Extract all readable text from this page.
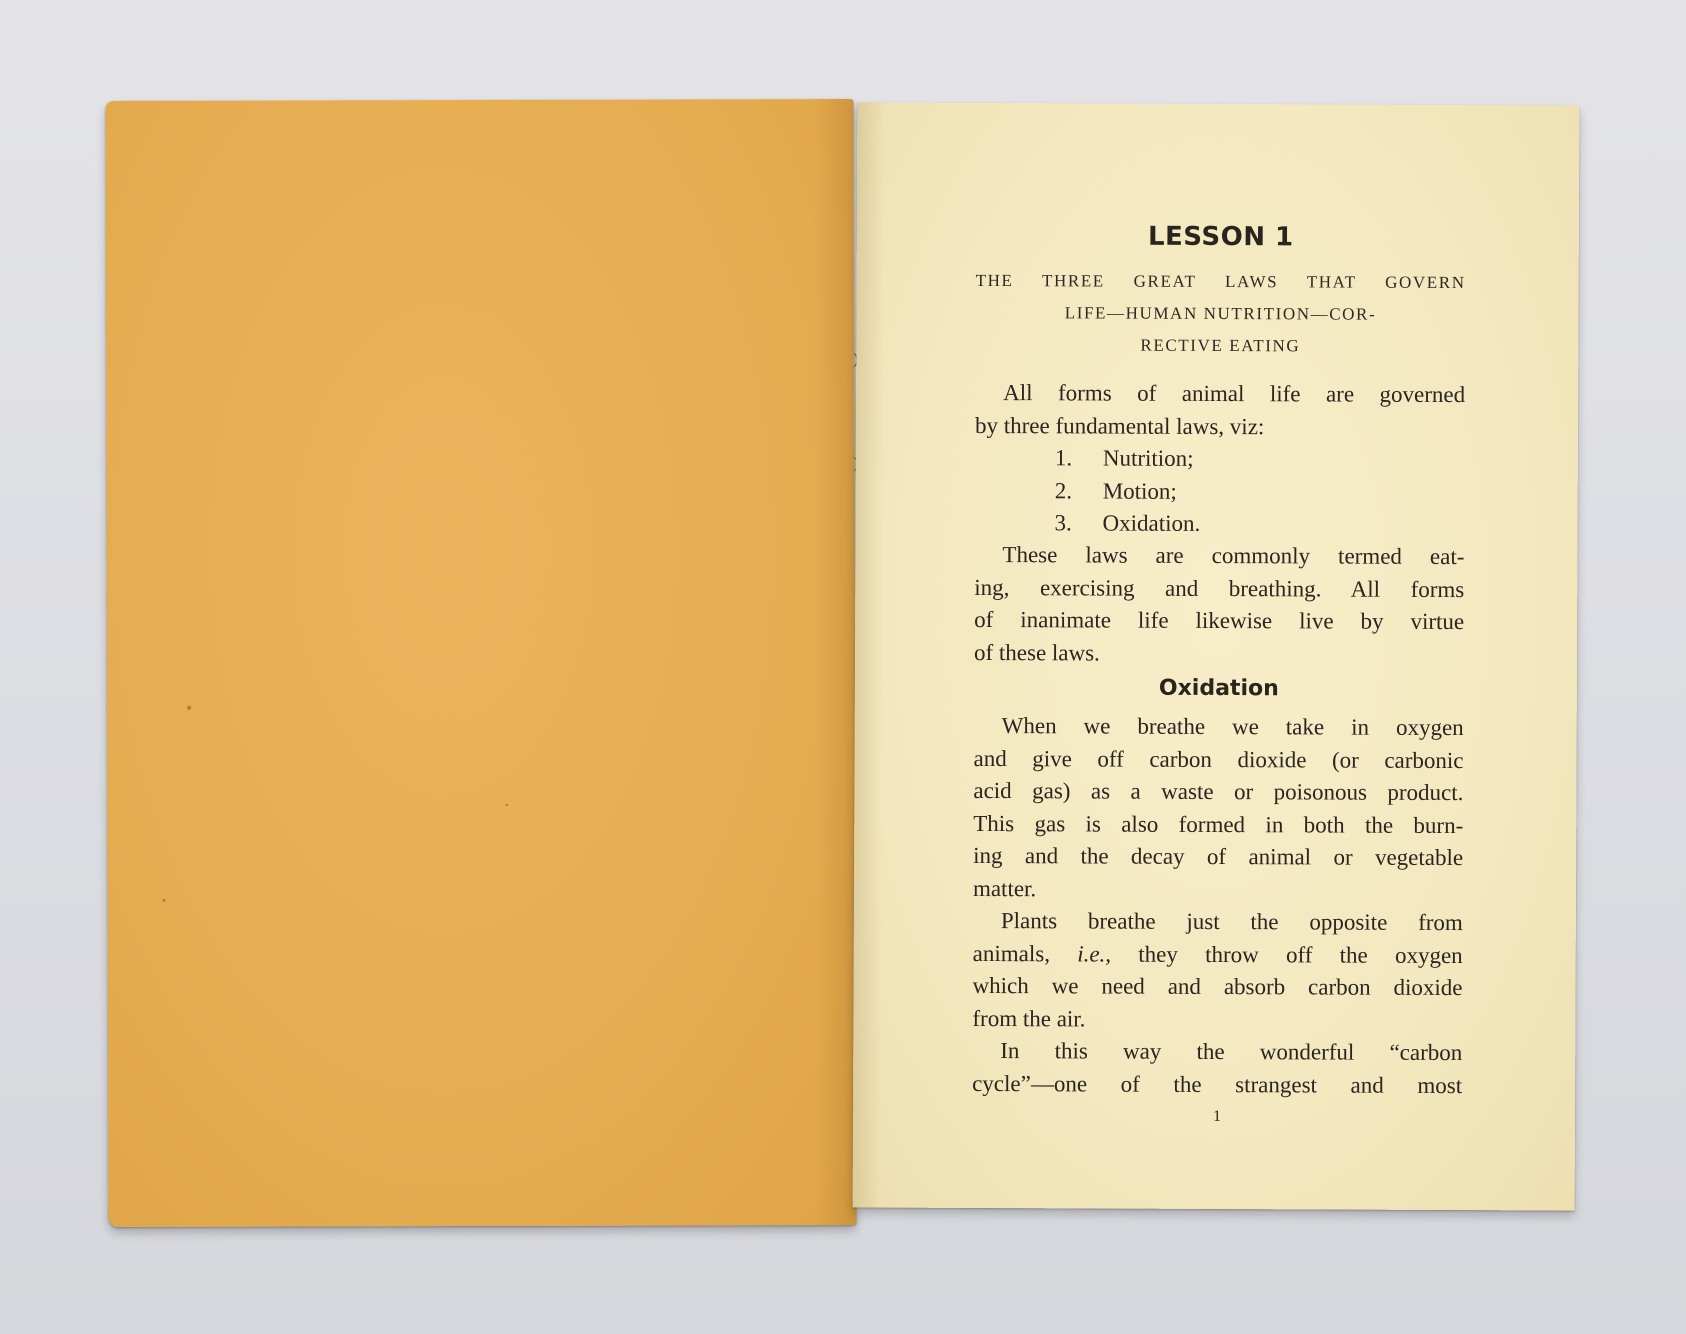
LESSON 1
THE THREE GREAT LAWS THAT GOVERN
LIFE—HUMAN NUTRITION—COR-
RECTIVE EATING

All forms of animal life are governed
by three fundamental laws, viz:

1.	Nutrition;
2.	Motion;
3.	Oxidation.

These laws are commonly termed eat-
ing, exercising and breathing. All forms
of inanimate life likewise live by virtue
of these laws.

Oxidation

When we breathe we take in oxygen
and give off carbon dioxide (or carbonic
acid gas) as a waste or poisonous product.
This gas is also formed in both the burn-
ing and the decay of animal or vegetable
matter.

Plants breathe just the opposite from
animals, i.e., they throw off the oxygen
which we need and absorb carbon dioxide
from the air.

In this way the wonderful “carbon
cycle”—one of the strangest and most

1
